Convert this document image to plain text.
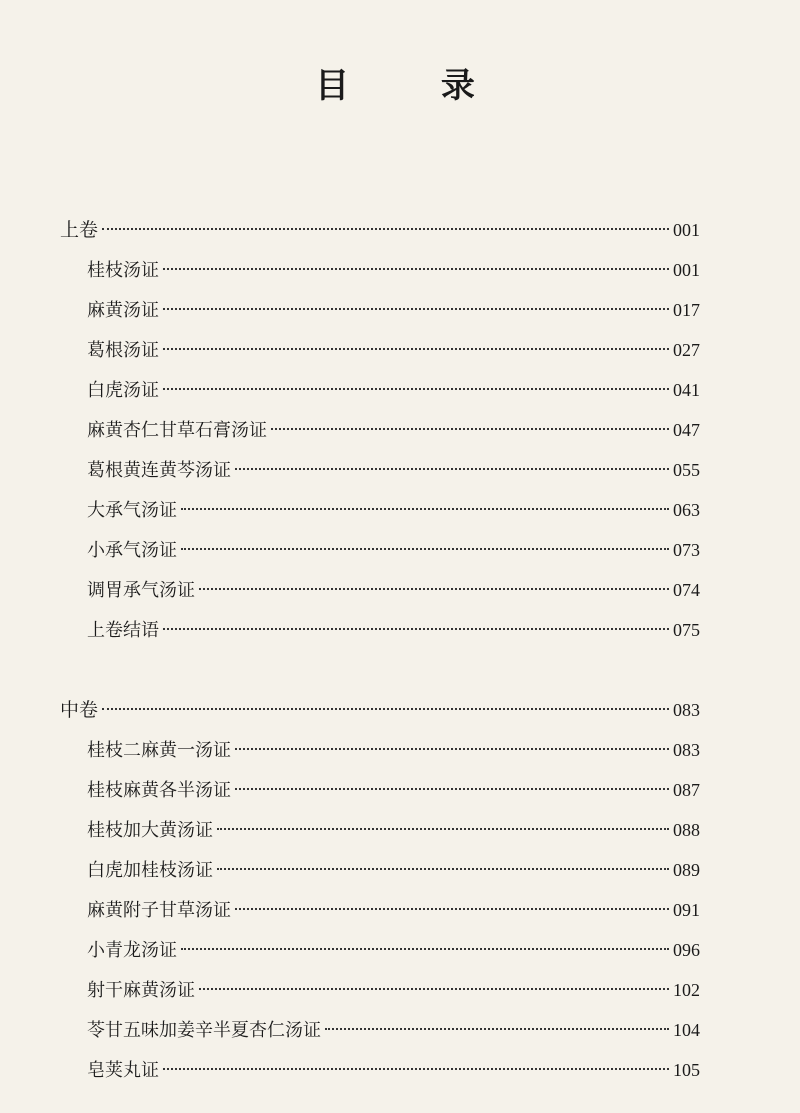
目 录
上卷	001
桂枝汤证	001
麻黄汤证	017
葛根汤证	027
白虎汤证	041
麻黄杏仁甘草石膏汤证	047
葛根黄连黄芩汤证	055
大承气汤证	063
小承气汤证	073
调胃承气汤证	074
上卷结语	075
中卷	083
桂枝二麻黄一汤证	083
桂枝麻黄各半汤证	087
桂枝加大黄汤证	088
白虎加桂枝汤证	089
麻黄附子甘草汤证	091
小青龙汤证	096
射干麻黄汤证	102
苓甘五味加姜辛半夏杏仁汤证	104
皂荚丸证	105
